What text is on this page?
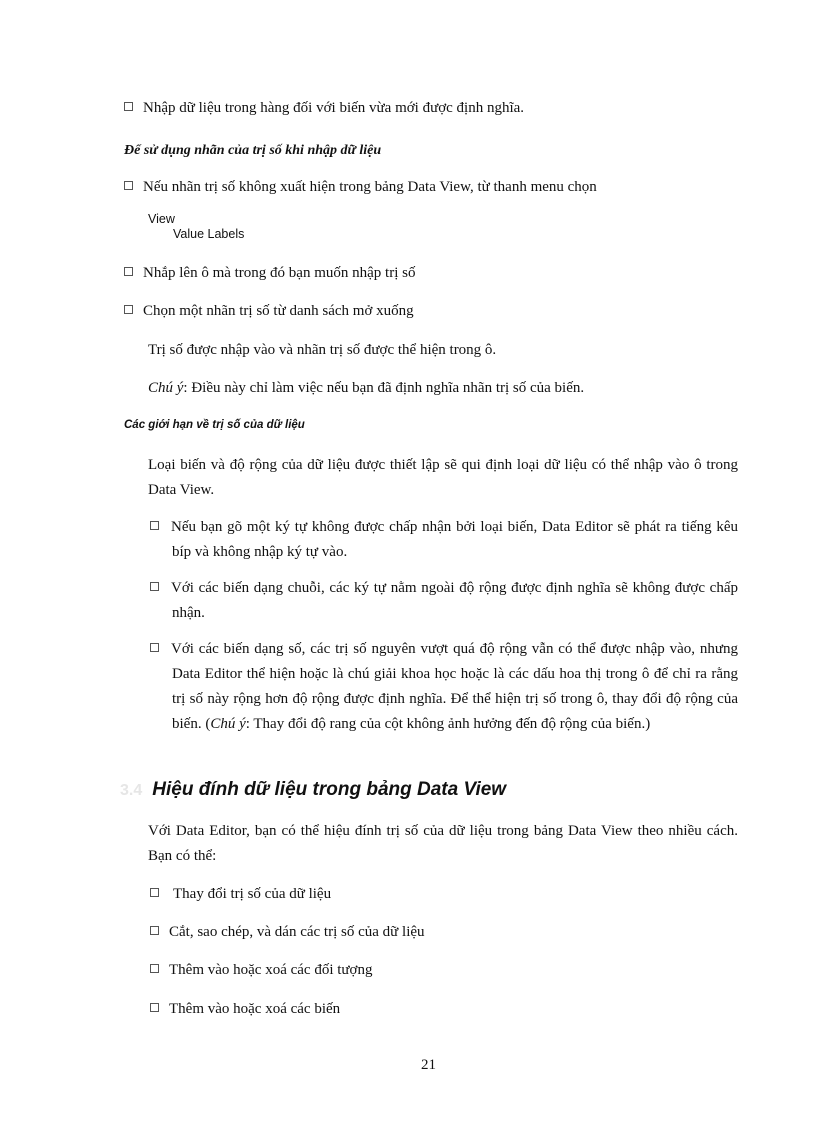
Nhập dữ liệu trong hàng đối với biến vừa mới được định nghĩa.
Để sử dụng nhãn của trị số khi nhập dữ liệu
Nếu nhãn trị số không xuất hiện trong bảng Data View, từ thanh menu chọn
View
Value Labels
Nhắp lên ô mà trong đó bạn muốn nhập trị số
Chọn một nhãn trị số từ danh sách mở xuống
Trị số được nhập vào và nhãn trị số được thể hiện trong ô.
Chú ý: Điều này chỉ làm việc nếu bạn đã định nghĩa nhãn trị số của biến.
Các giới hạn về trị số của dữ liệu
Loại biến và độ rộng của dữ liệu được thiết lập sẽ qui định loại dữ liệu có thể nhập vào ô trong Data View.
Nếu bạn gõ một ký tự không được chấp nhận bởi loại biến, Data Editor sẽ phát ra tiếng kêu bíp và không nhập ký tự vào.
Với các biến dạng chuỗi, các ký tự nằm ngoài độ rộng được định nghĩa sẽ không được chấp nhận.
Với các biến dạng số, các trị số nguyên vượt quá độ rộng vẫn có thể được nhập vào, nhưng Data Editor thể hiện hoặc là chú giải khoa học hoặc là các dấu hoa thị trong ô để chỉ ra rằng trị số này rộng hơn độ rộng được định nghĩa. Để thể hiện trị số trong ô, thay đổi độ rộng của biến. (Chú ý: Thay đổi độ rang của cột không ảnh hưởng đến độ rộng của biến.)
3.4 Hiệu đính dữ liệu trong bảng Data View
Với Data Editor, bạn có thể hiệu đính trị số của dữ liệu trong bảng Data View theo nhiều cách. Bạn có thể:
Thay đổi trị số của dữ liệu
Cắt, sao chép, và dán các trị số của dữ liệu
Thêm vào hoặc xoá các đối tượng
Thêm vào hoặc xoá các biến
21
